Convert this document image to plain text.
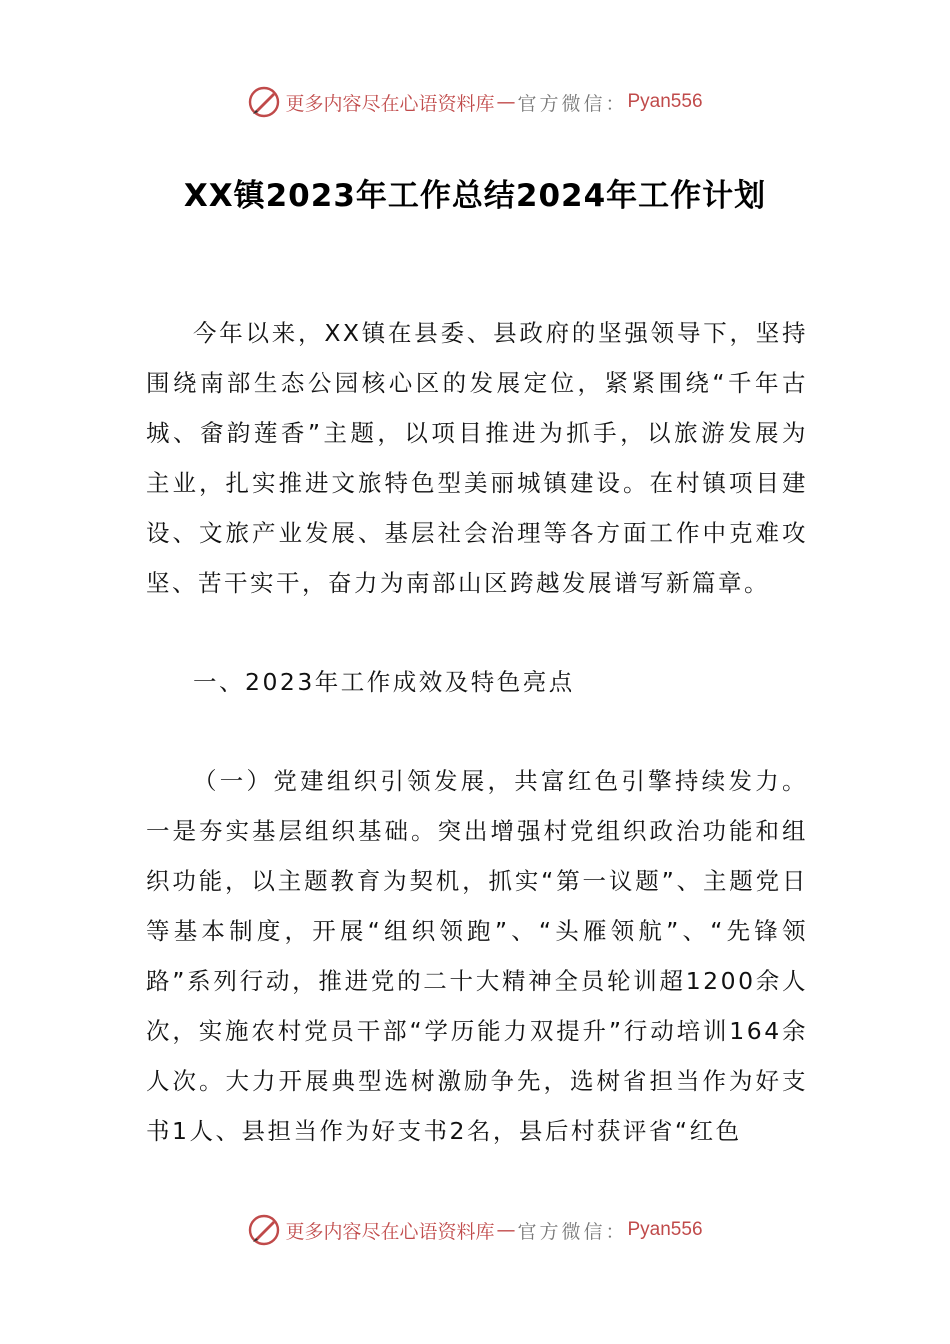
更多内容尽在心语资料库 — 官方微信： Pyan556
XX镇2023年工作总结2024年工作计划

今年以来，XX镇在县委、县政府的坚强领导下，坚持围绕南部生态公园核心区的发展定位，紧紧围绕“千年古城、畲韵莲香”主题，以项目推进为抓手，以旅游发展为主业，扎实推进文旅特色型美丽城镇建设。在村镇项目建设、文旅产业发展、基层社会治理等各方面工作中克难攻坚、苦干实干，奋力为南部山区跨越发展谱写新篇章。

一、2023年工作成效及特色亮点

（一）党建组织引领发展，共富红色引擎持续发力。一是夯实基层组织基础。突出增强村党组织政治功能和组织功能，以主题教育为契机，抓实“第一议题”、主题党日等基本制度，开展“组织领跑”、“头雁领航”、“先锋领路”系列行动，推进党的二十大精神全员轮训超1200余人次，实施农村党员干部“学历能力双提升”行动培训164余人次。大力开展典型选树激励争先，选树省担当作为好支书1人、县担当作为好支书2名，县后村获评省“红色

更多内容尽在心语资料库 — 官方微信： Pyan556
